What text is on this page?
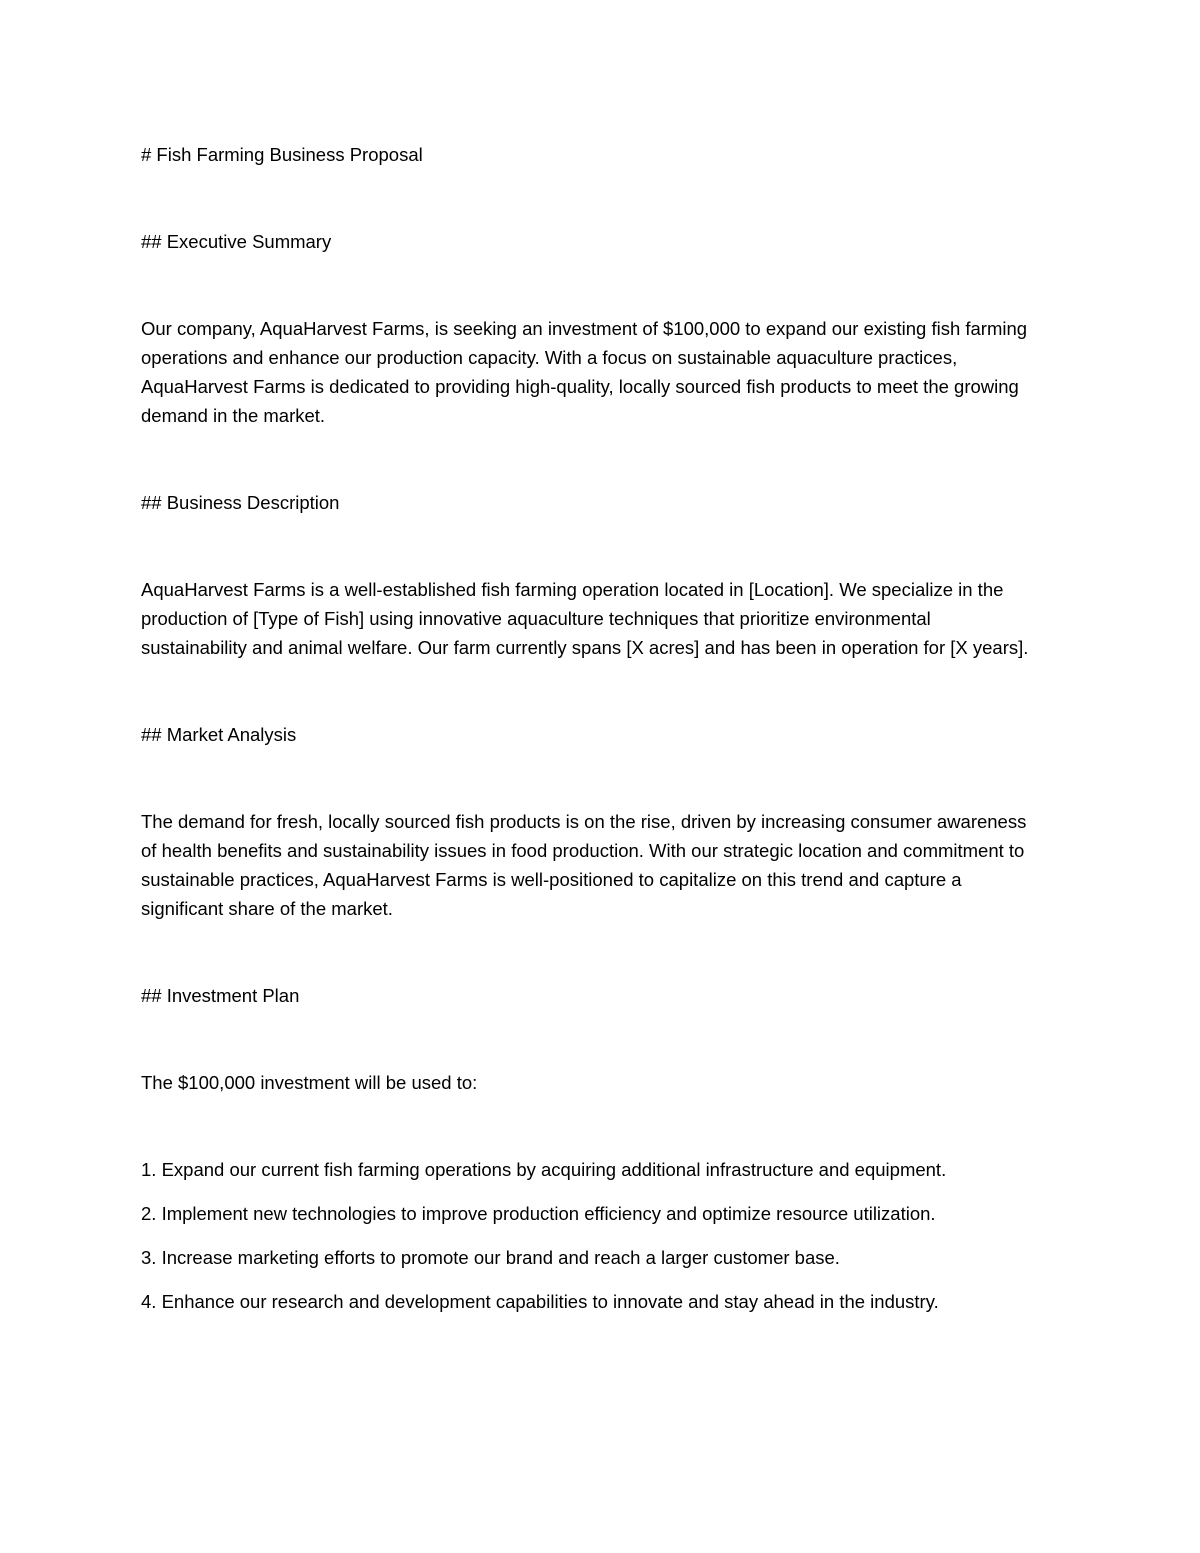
# Fish Farming Business Proposal

## Executive Summary

Our company, AquaHarvest Farms, is seeking an investment of $100,000 to expand our existing fish farming operations and enhance our production capacity. With a focus on sustainable aquaculture practices, AquaHarvest Farms is dedicated to providing high-quality, locally sourced fish products to meet the growing demand in the market.

## Business Description

AquaHarvest Farms is a well-established fish farming operation located in [Location]. We specialize in the production of [Type of Fish] using innovative aquaculture techniques that prioritize environmental sustainability and animal welfare. Our farm currently spans [X acres] and has been in operation for [X years].

## Market Analysis

The demand for fresh, locally sourced fish products is on the rise, driven by increasing consumer awareness of health benefits and sustainability issues in food production. With our strategic location and commitment to sustainable practices, AquaHarvest Farms is well-positioned to capitalize on this trend and capture a significant share of the market.

## Investment Plan

The $100,000 investment will be used to:

1. Expand our current fish farming operations by acquiring additional infrastructure and equipment.

2. Implement new technologies to improve production efficiency and optimize resource utilization.

3. Increase marketing efforts to promote our brand and reach a larger customer base.

4. Enhance our research and development capabilities to innovate and stay ahead in the industry.
